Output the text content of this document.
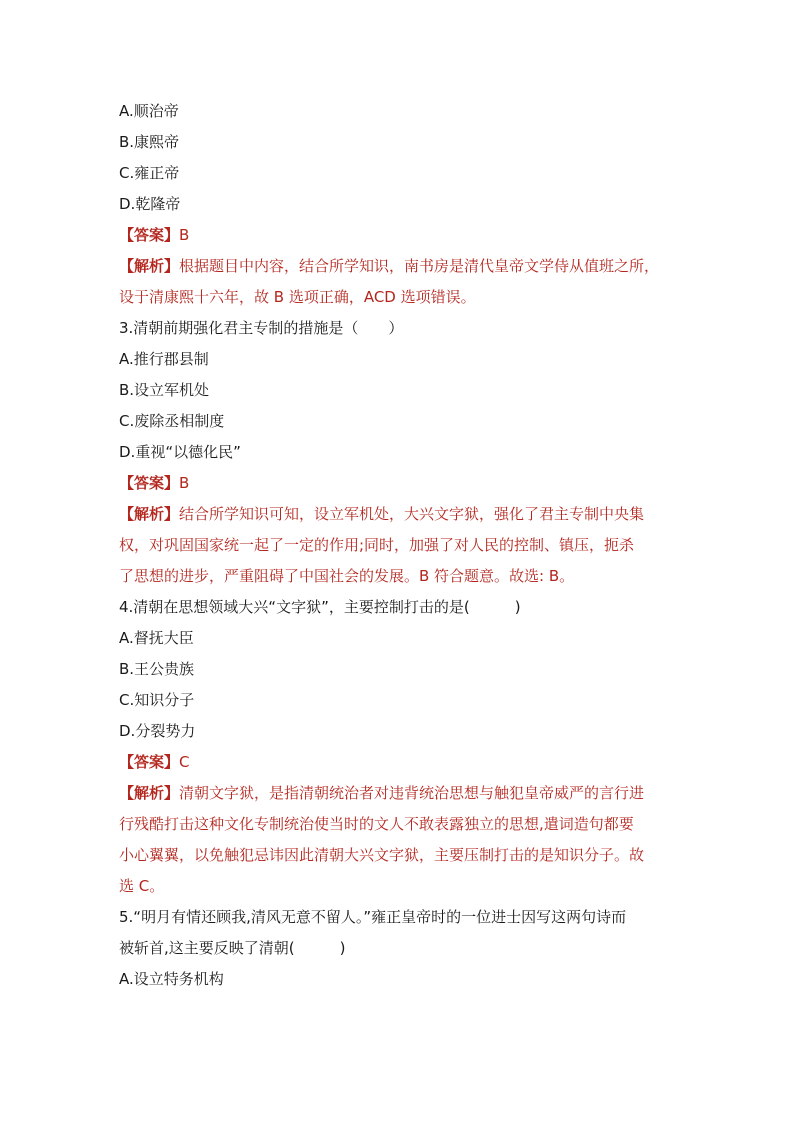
A.顺治帝
B.康熙帝
C.雍正帝
D.乾隆帝
【答案】B
【解析】根据题目中内容，结合所学知识，南书房是清代皇帝文学侍从值班之所，
设于清康熙十六年，故 B 选项正确，ACD 选项错误。
3.清朝前期强化君主专制的措施是（　　）
A.推行郡县制
B.设立军机处
C.废除丞相制度
D.重视“以德化民”
【答案】B
【解析】结合所学知识可知，设立军机处，大兴文字狱，强化了君主专制中央集
权，对巩固国家统一起了一定的作用;同时，加强了对人民的控制、镇压，扼杀
了思想的进步，严重阻碍了中国社会的发展。B 符合题意。故选: B。
4.清朝在思想领域大兴“文字狱”，主要控制打击的是(　　　)
A.督抚大臣
B.王公贵族
C.知识分子
D.分裂势力
【答案】C
【解析】清朝文字狱，是指清朝统治者对违背统治思想与触犯皇帝威严的言行进
行残酷打击这种文化专制统治使当时的文人不敢表露独立的思想,遣词造句都要
小心翼翼，以免触犯忌讳因此清朝大兴文字狱，主要压制打击的是知识分子。故
选 C。
5.“明月有情还顾我,清风无意不留人。”雍正皇帝时的一位进士因写这两句诗而
被斩首,这主要反映了清朝(　　　)
A.设立特务机构
